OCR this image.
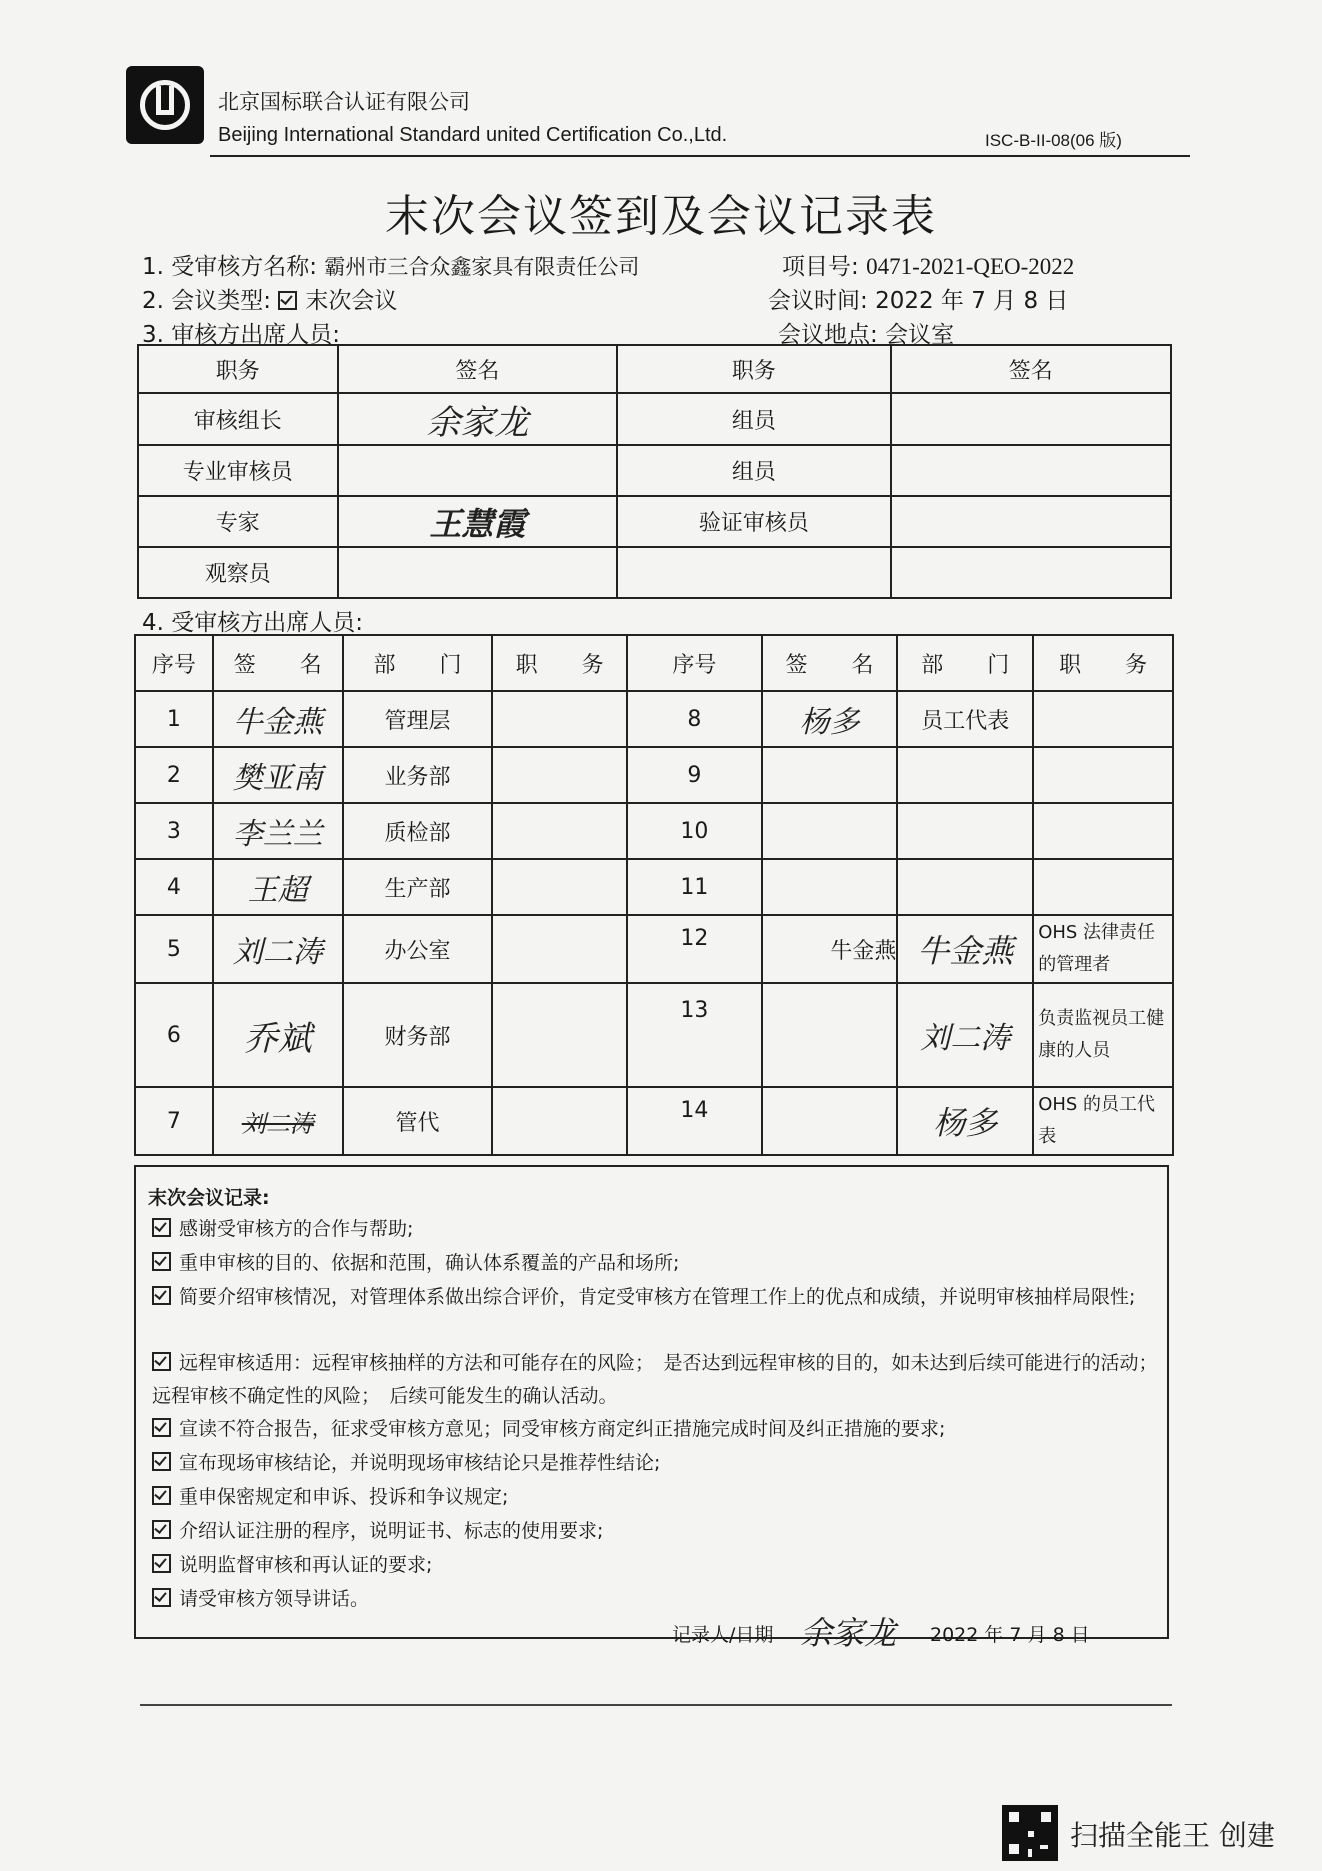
北京国标联合认证有限公司
Beijing International Standard united Certification Co.,Ltd.	ISC-B-II-08(06 版)
末次会议签到及会议记录表
1. 受审核方名称: 霸州市三合众鑫家具有限责任公司	项目号: 0471-2021-QEO-2022
2. 会议类型: 末次会议	会议时间: 2022 年 7 月 8 日
3. 审核方出席人员:	会议地点: 会议室
职务	签名	职务	签名
审核组长	余家龙	组员	
专业审核员		组员	
专家	王慧霞	验证审核员	
观察员			
4. 受审核方出席人员:
序号	签　　名	部　　门	职　　务	序号	签　　名	部　　门	职　　务
1	牛金燕	管理层		8	杨多	员工代表	
2	樊亚南	业务部		9			
3	李兰兰	质检部		10			
4	王超	生产部		11			
5	刘二涛	办公室		12	牛金燕	牛金燕	OHS 法律责任的管理者
6	乔斌	财务部		13		刘二涛	负责监视员工健康的人员
7	刘二涛	管代		14		杨多	OHS 的员工代表
末次会议记录:
感谢受审核方的合作与帮助;
重申审核的目的、依据和范围，确认体系覆盖的产品和场所;
简要介绍审核情况，对管理体系做出综合评价，肯定受审核方在管理工作上的优点和成绩，并说明审核抽样局限性;
远程审核适用：远程审核抽样的方法和可能存在的风险；　是否达到远程审核的目的，如未达到后续可能进行的活动；　远程审核不确定性的风险；　后续可能发生的确认活动。
宣读不符合报告，征求受审核方意见；同受审核方商定纠正措施完成时间及纠正措施的要求;
宣布现场审核结论，并说明现场审核结论只是推荐性结论;
重申保密规定和申诉、投诉和争议规定;
介绍认证注册的程序，说明证书、标志的使用要求;
说明监督审核和再认证的要求;
请受审核方领导讲话。
记录人/日期 余家龙 2022 年 7 月 8 日
扫描全能王 创建
